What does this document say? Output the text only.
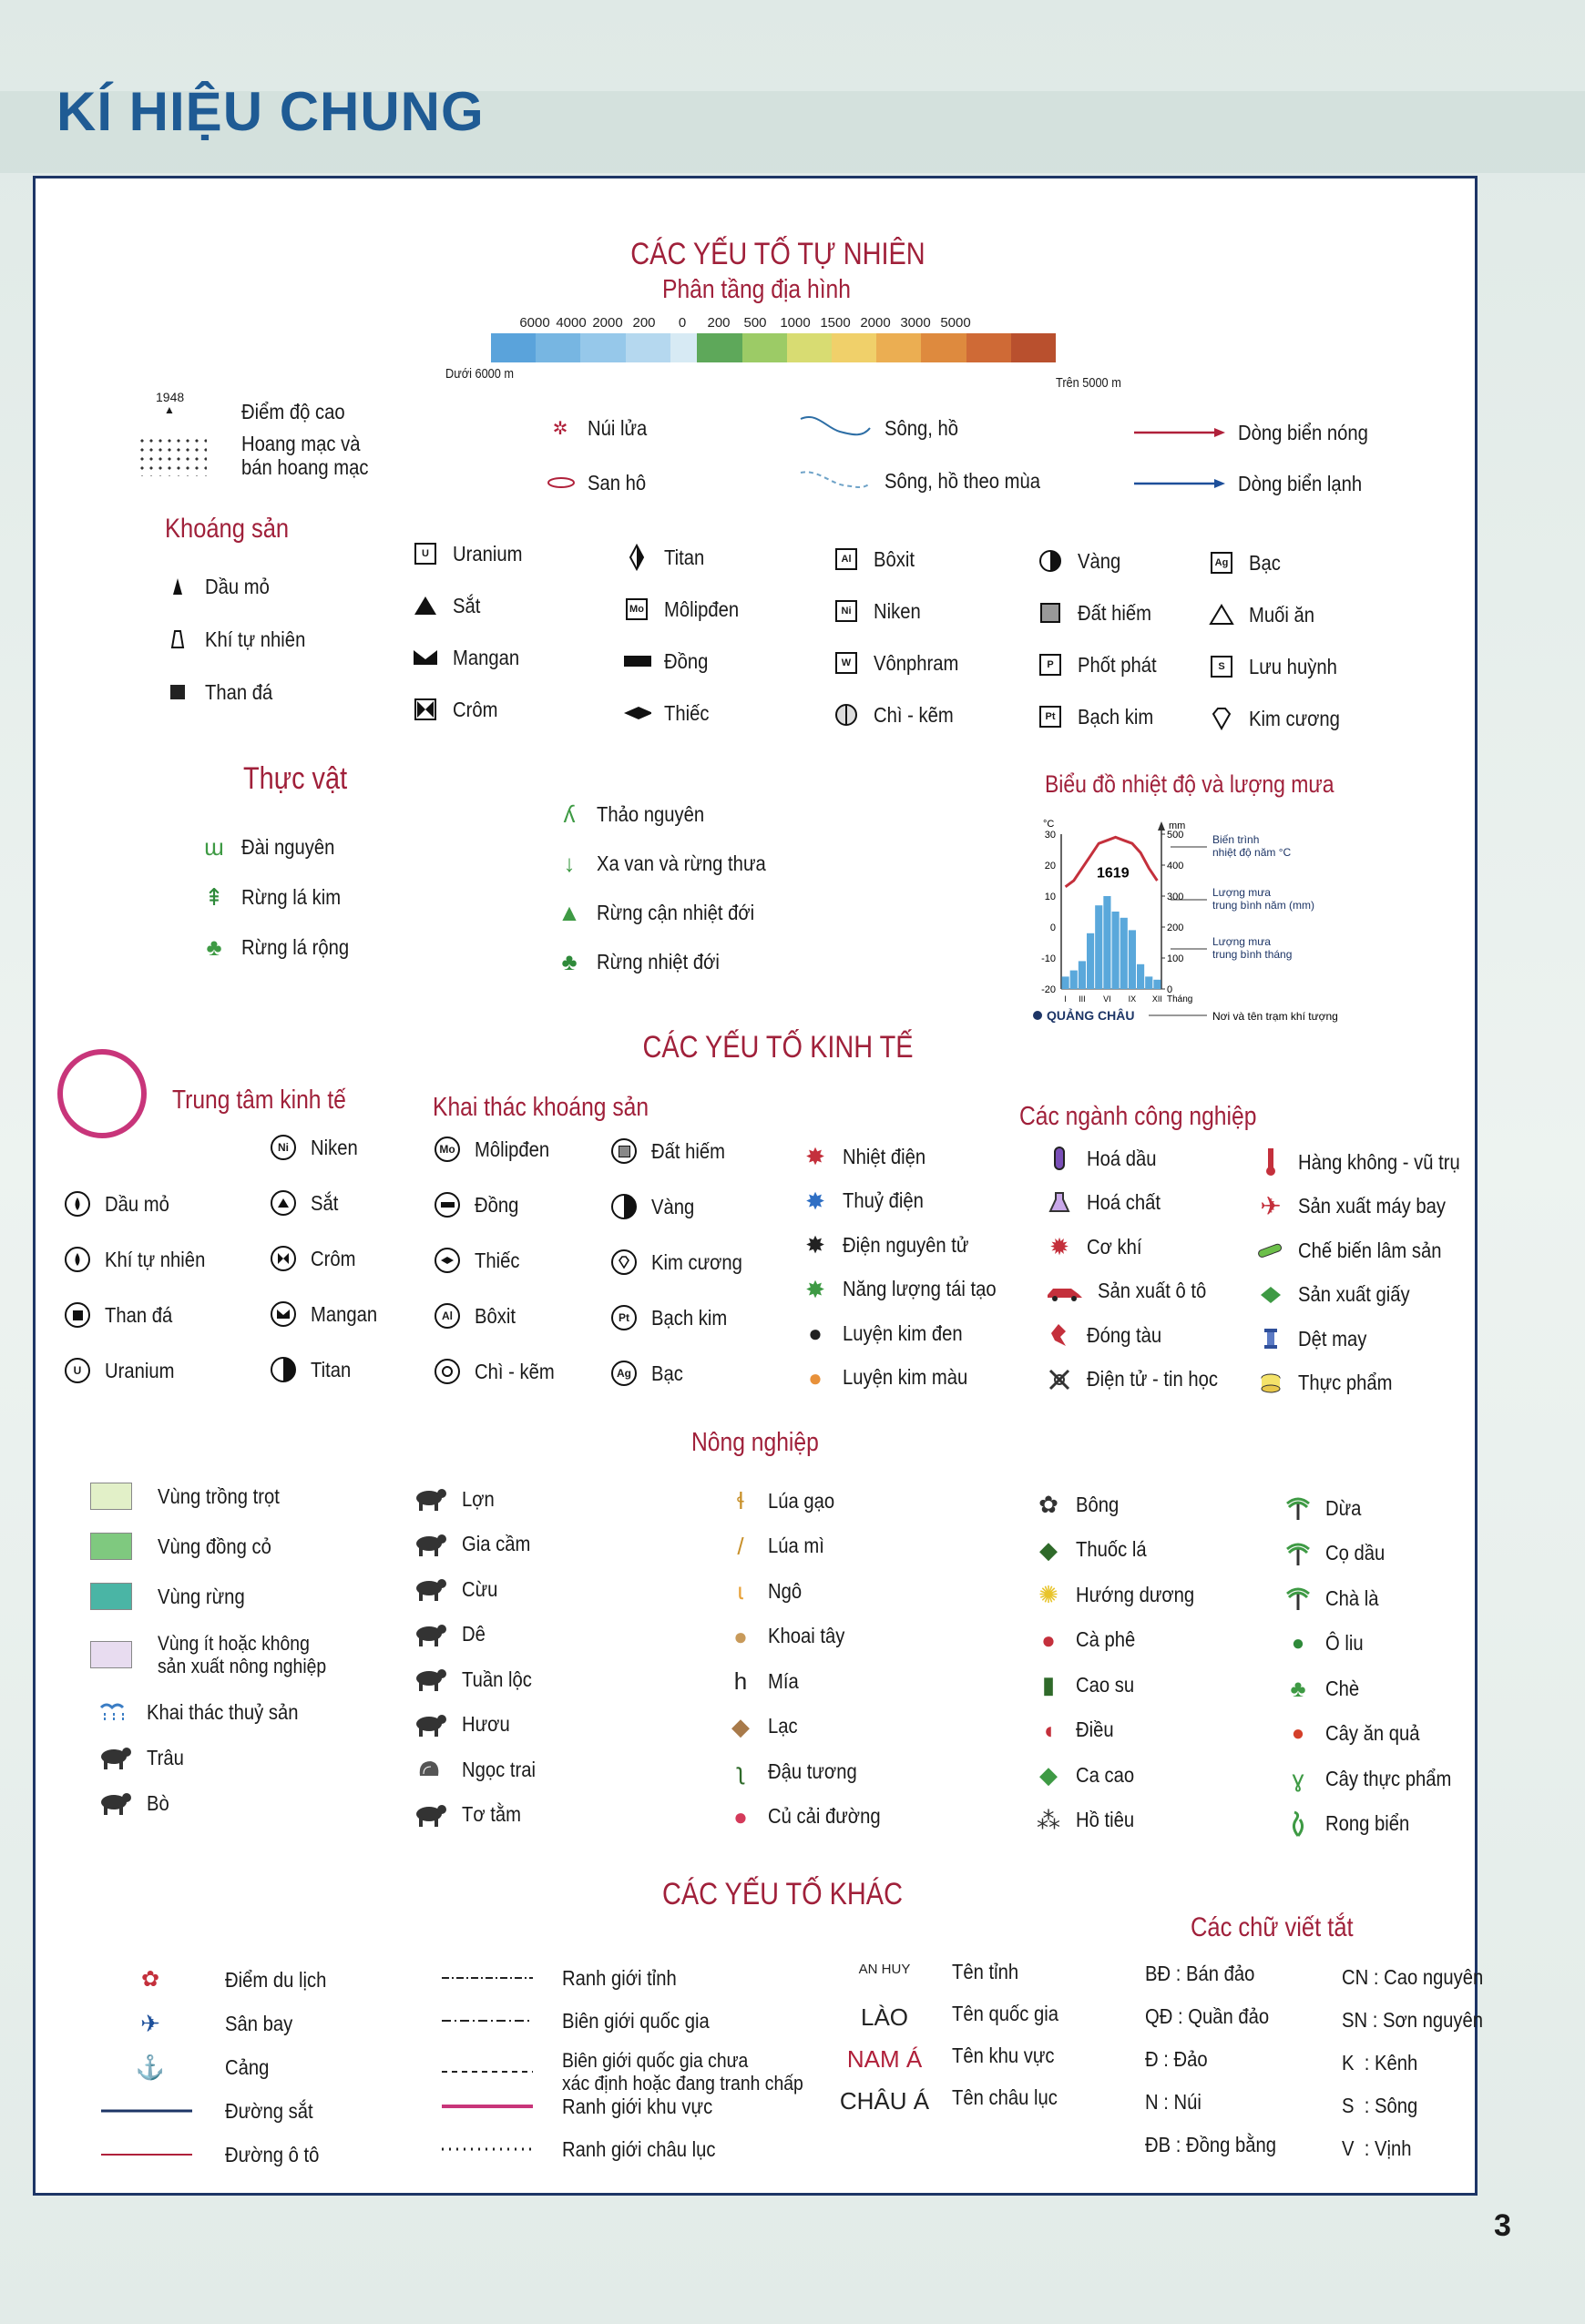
KÍ HIỆU CHUNG
CÁC YẾU TỐ TỰ NHIÊN
Phân tầng địa hình
6000 4000 2000 200 0 200 500 1000 1500 2000 3000 5000
Dưới 6000 m
Trên 5000 m
1948
▲	Điểm độ cao
Hoang mạc và
bán hoang mạc
✲ Núi lửa
San hô
Sông, hồ
Sông, hồ theo mùa
Dòng biển nóng
Dòng biển lạnh
Khoáng sản
Dầu mỏ
Khí tự nhiên
Than đá
U	Uranium
Sắt
Mangan
Crôm
Titan
Mo Môlipđen
Đồng
Thiếc
Al Bôxit
Ni Niken
W Vônphram
Chì - kẽm
Vàng
Đất hiếm
P	Phốt phát
Pt Bạch kim
Ag Bạc
Muối ăn
S	Lưu huỳnh
Kim cương
Thực vật
ɯ Đài nguyên
⇞ Rừng lá kim
♣ Rừng lá rộng
ʎ Thảo nguyên
↓ Xa van và rừng thưa
▲ Rừng cận nhiệt đới
♣ Rừng nhiệt đới
Biểu đồ nhiệt độ và lượng mưa
°C	mm
30
20
10
0
-10
-20
500
400
300
200
100
0
1619
I III VI IX XII Tháng
QUẢNG CHÂU	Nơi và tên trạm khí tượng
Biến trình nhiệt độ năm °C
Lượng mưa trung bình năm (mm)
Lượng mưa trung bình tháng
CÁC YẾU TỐ KINH TẾ
Trung tâm kinh tế	Khai thác khoáng sản	Các ngành công nghiệp
Dầu mỏ
Khí tự nhiên
Than đá
U	Uranium
Ni	Niken
Sắt
Crôm
Mangan
Titan
Mo Môlipđen
Đồng
Thiếc
Al	Bôxit
Chì - kẽm
Đất hiếm
Vàng
Kim cương
Pt	Bạch kim
Ag Bạc
✸ Nhiệt điện
✸ Thuỷ điện
✸ Điện nguyên tử
✸ Năng lượng tái tạo
● Luyện kim đen
● Luyện kim màu
Hoá dầu
Hoá chất
✹ Cơ khí
Sản xuất ô tô
Đóng tàu
Điện tử - tin học
Hàng không - vũ trụ
✈ Sản xuất máy bay
Chế biến lâm sản
Sản xuất giấy
Dệt may
Thực phẩm
Nông nghiệp
Vùng trồng trọt
Vùng đồng cỏ
Vùng rừng
Vùng ít hoặc không
sản xuất nông nghiệp
Khai thác thuỷ sản
Trâu
Bò
Lợn
Gia cầm
Cừu
Dê
Tuần lộc
Hươu
Ngọc trai
Tơ tằm
ɬ Lúa gạo
/ Lúa mì
ɩ Ngô
● Khoai tây
h Mía
◆ Lạc
ʅ Đậu tương
● Củ cải đường
✿ Bông
◆ Thuốc lá
✺ Hướng dương
● Cà phê
▮ Cao su
◖ Điều
◆ Ca cao
⁂ Hồ tiêu
Dừa
Cọ dầu
Chà là
● Ô liu
♣ Chè
● Cây ăn quả
ɣ Cây thực phẩm
Rong biển
CÁC YẾU TỐ KHÁC
Các chữ viết tắt
✿	Điểm du lịch
✈	Sân bay
⚓	Cảng
Đường sắt
Đường ô tô
Ranh giới tỉnh
Biên giới quốc gia
Biên giới quốc gia chưa
xác định hoặc đang tranh chấp
Ranh giới khu vực
Ranh giới châu lục
AN HUY	Tên tỉnh
LÀO	Tên quốc gia
NAM Á	Tên khu vực
CHÂU Á	Tên châu lục
BĐ : Bán đảo
QĐ : Quần đảo
Đ : Đảo
N : Núi
ĐB : Đồng bằng
CN : Cao nguyên
SN : Sơn nguyên
K  : Kênh
S  : Sông
V  : Vịnh
3
